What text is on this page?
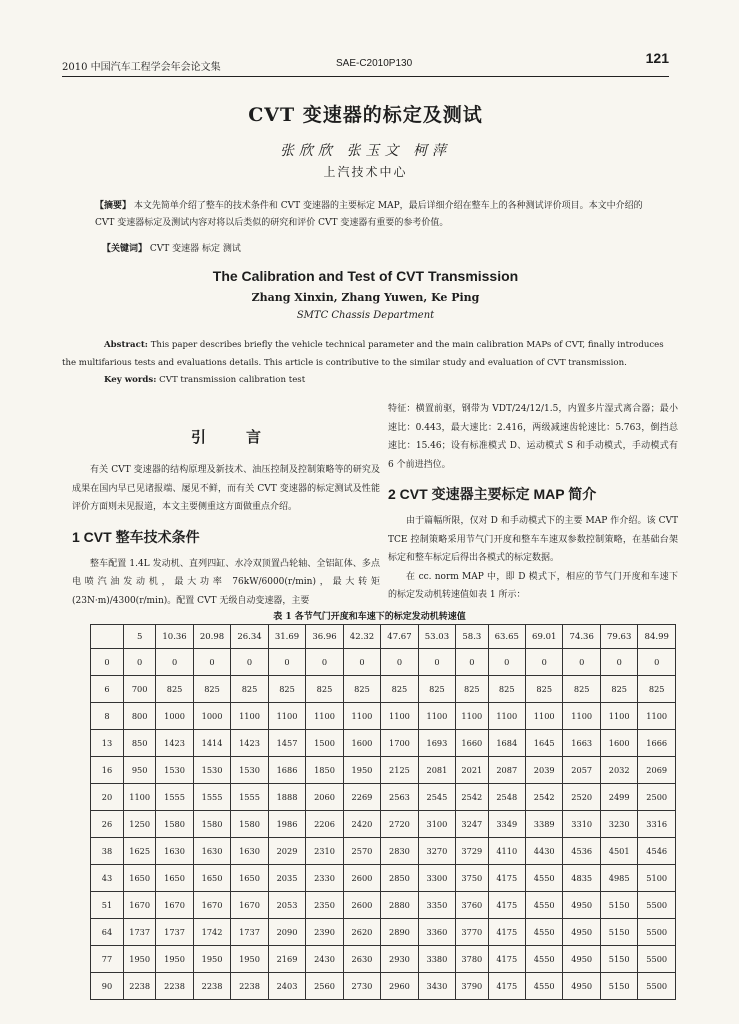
2010 中国汽车工程学会年会论文集	SAE-C2010P130	121
CVT 变速器的标定及测试
张欣欣 张玉文 柯萍
上汽技术中心
【摘要】 本文先简单介绍了整车的技术条件和 CVT 变速器的主要标定 MAP，最后详细介绍在整车上的各种测试评价项目。本文中介绍的 CVT 变速器标定及测试内容对将以后类似的研究和评价 CVT 变速器有重要的参考价值。
【关键词】 CVT 变速器 标定 测试
The Calibration and Test of CVT Transmission
Zhang Xinxin, Zhang Yuwen, Ke Ping
SMTC Chassis Department
Abstract: This paper describes briefly the vehicle technical parameter and the main calibration MAPs of CVT, finally introduces the multifarious tests and evaluations details. This article is contributive to the similar study and evaluation of CVT transmission.
Key words: CVT transmission calibration test
引言

有关 CVT 变速器的结构原理及新技术、油压控制及控制策略等的研究及成果在国内早已见诸报端、屡见不鲜，而有关 CVT 变速器的标定测试及性能评价方面则未见报道，本文主要侧重这方面做重点介绍。

1 CVT 整车技术条件

整车配置 1.4L 发动机、直列四缸、水冷双顶置凸轮轴、全铝缸体、多点电喷汽油发动机，最大功率 76kW/6000(r/min)，最大转矩 (23N·m)/4300(r/min)。配置 CVT 无级自动变速器，主要

特征：横置前驱，钢带为 VDT/24/12/1.5，内置多片湿式离合器；最小速比：0.443，最大速比：2.416，两级减速齿轮速比：5.763，倒挡总速比：15.46；设有标准模式 D、运动模式 S 和手动模式，手动模式有 6 个前进挡位。

2 CVT 变速器主要标定 MAP 简介

由于篇幅所限，仅对 D 和手动模式下的主要 MAP 作介绍。该 CVT TCE 控制策略采用节气门开度和整车车速双参数控制策略，在基础台架标定和整车标定后得出各模式的标定数据。

在 cc. norm MAP 中，即 D 模式下，相应的节气门开度和车速下的标定发动机转速值如表 1 所示：

表 1 各节气门开度和车速下的标定发动机转速值
	5	10.36	20.98	26.34	31.69	36.96	42.32	47.67	53.03	58.3	63.65	69.01	74.36	79.63	84.99
0	0	0	0	0	0	0	0	0	0	0	0	0	0	0	0
6	700	825	825	825	825	825	825	825	825	825	825	825	825	825	825
8	800	1000	1000	1100	1100	1100	1100	1100	1100	1100	1100	1100	1100	1100	1100
13	850	1423	1414	1423	1457	1500	1600	1700	1693	1660	1684	1645	1663	1600	1666
16	950	1530	1530	1530	1686	1850	1950	2125	2081	2021	2087	2039	2057	2032	2069
20	1100	1555	1555	1555	1888	2060	2269	2563	2545	2542	2548	2542	2520	2499	2500
26	1250	1580	1580	1580	1986	2206	2420	2720	3100	3247	3349	3389	3310	3230	3316
38	1625	1630	1630	1630	2029	2310	2570	2830	3270	3729	4110	4430	4536	4501	4546
43	1650	1650	1650	1650	2035	2330	2600	2850	3300	3750	4175	4550	4835	4985	5100
51	1670	1670	1670	1670	2053	2350	2600	2880	3350	3760	4175	4550	4950	5150	5500
64	1737	1737	1742	1737	2090	2390	2620	2890	3360	3770	4175	4550	4950	5150	5500
77	1950	1950	1950	1950	2169	2430	2630	2930	3380	3780	4175	4550	4950	5150	5500
90	2238	2238	2238	2238	2403	2560	2730	2960	3430	3790	4175	4550	4950	5150	5500
